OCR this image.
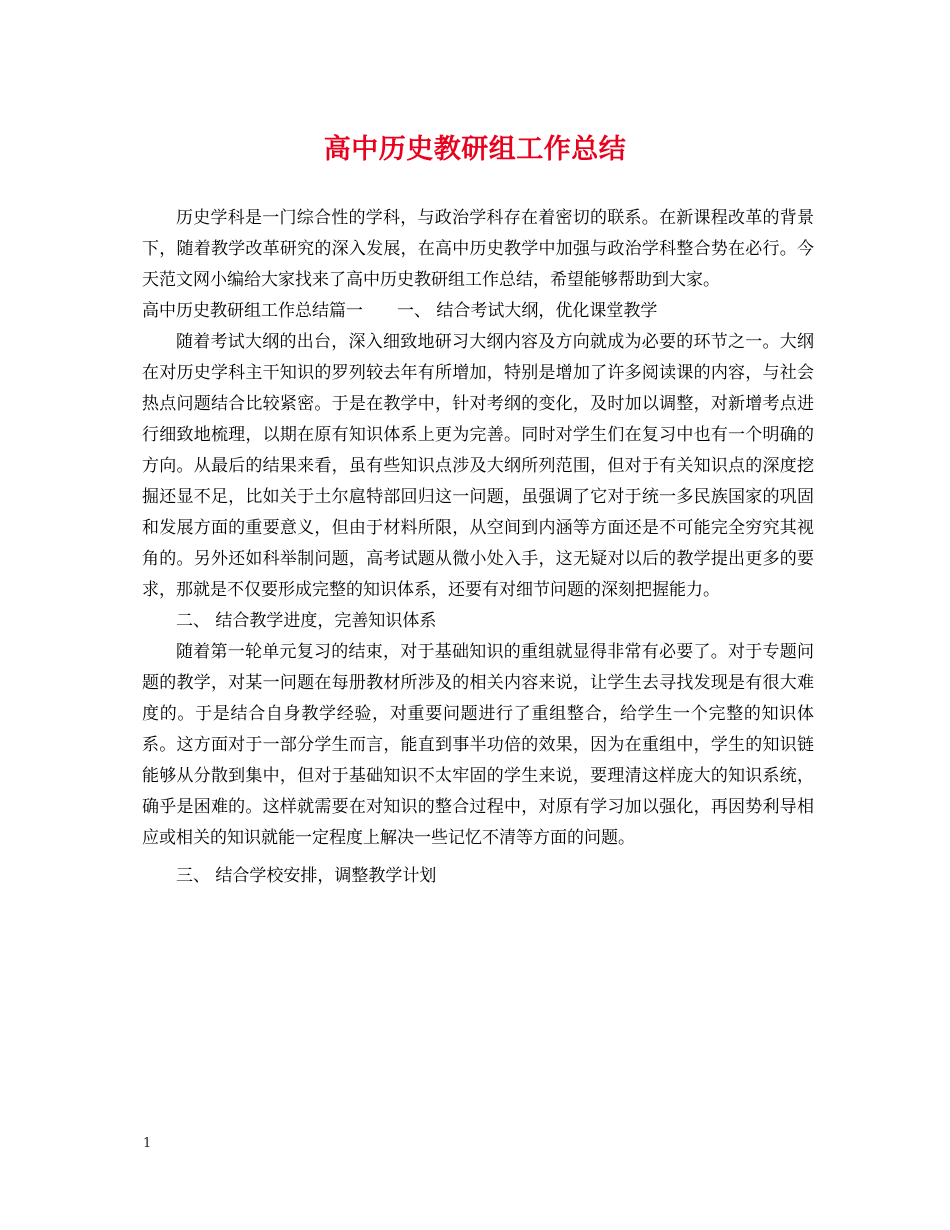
高中历史教研组工作总结

历史学科是一门综合性的学科，与政治学科存在着密切的联系。在新课程改革的背景下，随着教学改革研究的深入发展，在高中历史教学中加强与政治学科整合势在必行。今天范文网小编给大家找来了高中历史教研组工作总结，希望能够帮助到大家。

高中历史教研组工作总结篇一 一、 结合考试大纲，优化课堂教学

随着考试大纲的出台，深入细致地研习大纲内容及方向就成为必要的环节之一。大纲在对历史学科主干知识的罗列较去年有所增加，特别是增加了许多阅读课的内容，与社会热点问题结合比较紧密。于是在教学中，针对考纲的变化，及时加以调整，对新增考点进行细致地梳理，以期在原有知识体系上更为完善。同时对学生们在复习中也有一个明确的方向。从最后的结果来看，虽有些知识点涉及大纲所列范围，但对于有关知识点的深度挖掘还显不足，比如关于土尔扈特部回归这一问题，虽强调了它对于统一多民族国家的巩固和发展方面的重要意义，但由于材料所限，从空间到内涵等方面还是不可能完全穷究其视角的。另外还如科举制问题，高考试题从微小处入手，这无疑对以后的教学提出更多的要求，那就是不仅要形成完整的知识体系，还要有对细节问题的深刻把握能力。

二、 结合教学进度，完善知识体系

随着第一轮单元复习的结束，对于基础知识的重组就显得非常有必要了。对于专题问题的教学，对某一问题在每册教材所涉及的相关内容来说，让学生去寻找发现是有很大难度的。于是结合自身教学经验，对重要问题进行了重组整合，给学生一个完整的知识体系。这方面对于一部分学生而言，能直到事半功倍的效果，因为在重组中，学生的知识链能够从分散到集中，但对于基础知识不太牢固的学生来说，要理清这样庞大的知识系统，确乎是困难的。这样就需要在对知识的整合过程中，对原有学习加以强化，再因势利导相应或相关的知识就能一定程度上解决一些记忆不清等方面的问题。

三、 结合学校安排，调整教学计划

1
